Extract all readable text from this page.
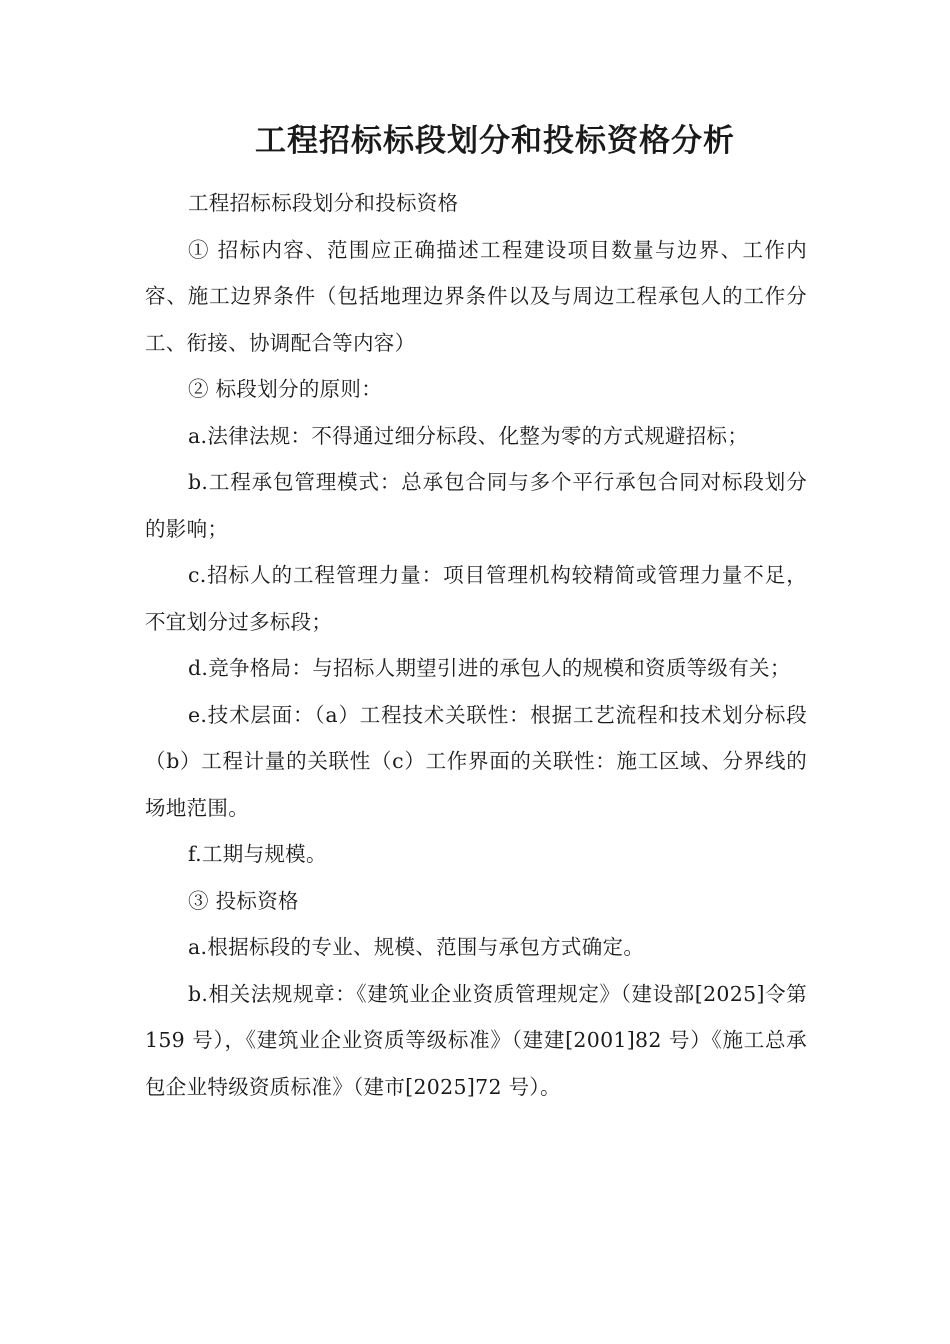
工程招标标段划分和投标资格分析

工程招标标段划分和投标资格

① 招标内容、范围应正确描述工程建设项目数量与边界、工作内容、施工边界条件（包括地理边界条件以及与周边工程承包人的工作分工、衔接、协调配合等内容）

② 标段划分的原则：

a.法律法规：不得通过细分标段、化整为零的方式规避招标；

b.工程承包管理模式：总承包合同与多个平行承包合同对标段划分的影响；

c.招标人的工程管理力量：项目管理机构较精简或管理力量不足，不宜划分过多标段；

d.竞争格局：与招标人期望引进的承包人的规模和资质等级有关；

e.技术层面：（a）工程技术关联性：根据工艺流程和技术划分标段（b）工程计量的关联性（c）工作界面的关联性：施工区域、分界线的场地范围。

f.工期与规模。

③ 投标资格

a.根据标段的专业、规模、范围与承包方式确定。

b.相关法规规章：《建筑业企业资质管理规定》（建设部[2025]令第 159 号），《建筑业企业资质等级标准》（建建[2001]82 号）《施工总承包企业特级资质标准》（建市[2025]72 号）。
